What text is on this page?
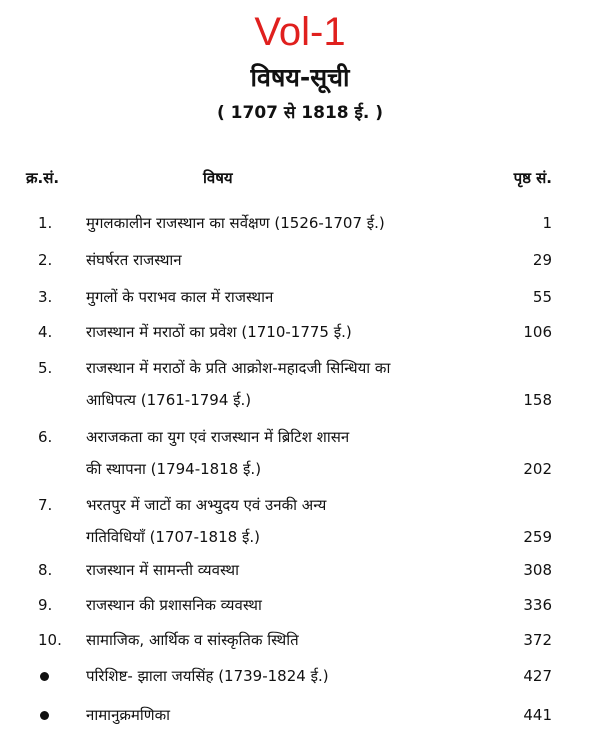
Vol-1
विषय-सूची
( 1707 से 1818 ई. )
क्र.सं.	विषय	पृष्ठ सं.
1. मुगलकालीन राजस्थान का सर्वेक्षण (1526-1707 ई.)	1
2. संघर्षरत राजस्थान	29
3. मुगलों के पराभव काल में राजस्थान	55
4. राजस्थान में मराठों का प्रवेश (1710-1775 ई.)	106
5. राजस्थान में मराठों के प्रति आक्रोश-महादजी सिन्धिया का
आधिपत्य (1761-1794 ई.)	158
6. अराजकता का युग एवं राजस्थान में ब्रिटिश शासन
की स्थापना (1794-1818 ई.)	202
7. भरतपुर में जाटों का अभ्युदय एवं उनकी अन्य
गतिविधियाँ (1707-1818 ई.)	259
8. राजस्थान में सामन्ती व्यवस्था	308
9. राजस्थान की प्रशासनिक व्यवस्था	336
10. सामाजिक, आर्थिक व सांस्कृतिक स्थिति	372
परिशिष्ट- झाला जयसिंह (1739-1824 ई.)	427
नामानुक्रमणिका	441
